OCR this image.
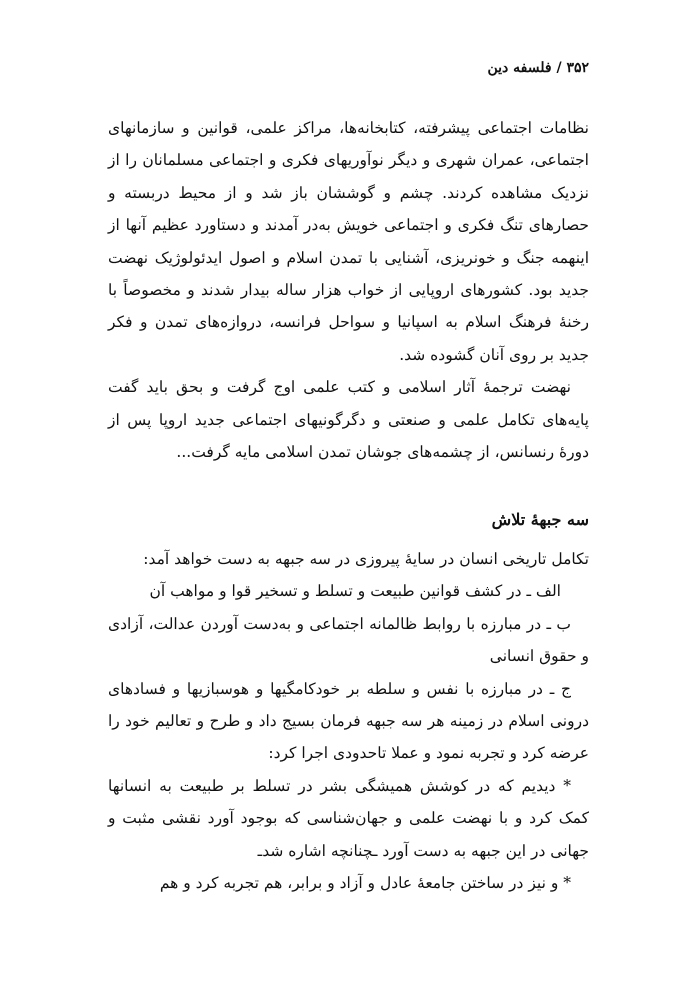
۳۵۲ / فلسفه دین

نظامات اجتماعی پیشرفته، کتابخانه‌ها، مراکز علمی، قوانین و سازمانهای اجتماعی، عمران شهری و دیگر نوآوریهای فکری و اجتماعی مسلمانان را از نزدیک مشاهده کردند. چشم و گوششان باز شد و از محیط دربسته و حصارهای تنگ فکری و اجتماعی خویش به‌در آمدند و دستاورد عظیم آنها از اینهمه جنگ و خونریزی، آشنایی با تمدن اسلام و اصول ایدئولوژیک نهضت جدید بود. کشورهای اروپایی از خواب هزار ساله بیدار شدند و مخصوصاً با رخنهٔ فرهنگ اسلام به اسپانیا و سواحل فرانسه، دروازه‌های تمدن و فکر جدید بر روی آنان گشوده شد.

نهضت ترجمهٔ آثار اسلامی و کتب علمی اوج گرفت و بحق باید گفت پایه‌های تکامل علمی و صنعتی و دگرگونیهای اجتماعی جدید اروپا پس از دورهٔ رنسانس، از چشمه‌های جوشان تمدن اسلامی مایه گرفت...

سه جبههٔ تلاش

تکامل تاریخی انسان در سایهٔ پیروزی در سه جبهه به دست خواهد آمد:

الف ـ در کشف قوانین طبیعت و تسلط و تسخیر قوا و مواهب آن

ب ـ در مبارزه با روابط ظالمانه اجتماعی و به‌دست آوردن عدالت، آزادی و حقوق انسانی

ج ـ در مبارزه با نفس و سلطه بر خودکامگیها و هوسبازیها و فسادهای درونی اسلام در زمینه هر سه جبهه فرمان بسیج داد و طرح و تعالیم خود را عرضه کرد و تجربه نمود و عملا تاحدودی اجرا کرد:

* دیدیم که در کوشش همیشگی بشر در تسلط بر طبیعت به انسانها کمک کرد و با نهضت علمی و جهان‌شناسی که بوجود آورد نقشی مثبت و جهانی در این جبهه به دست آورد ـچنانچه اشاره شدـ

* و نیز در ساختن جامعهٔ عادل و آزاد و برابر، هم تجربه کرد و هم
